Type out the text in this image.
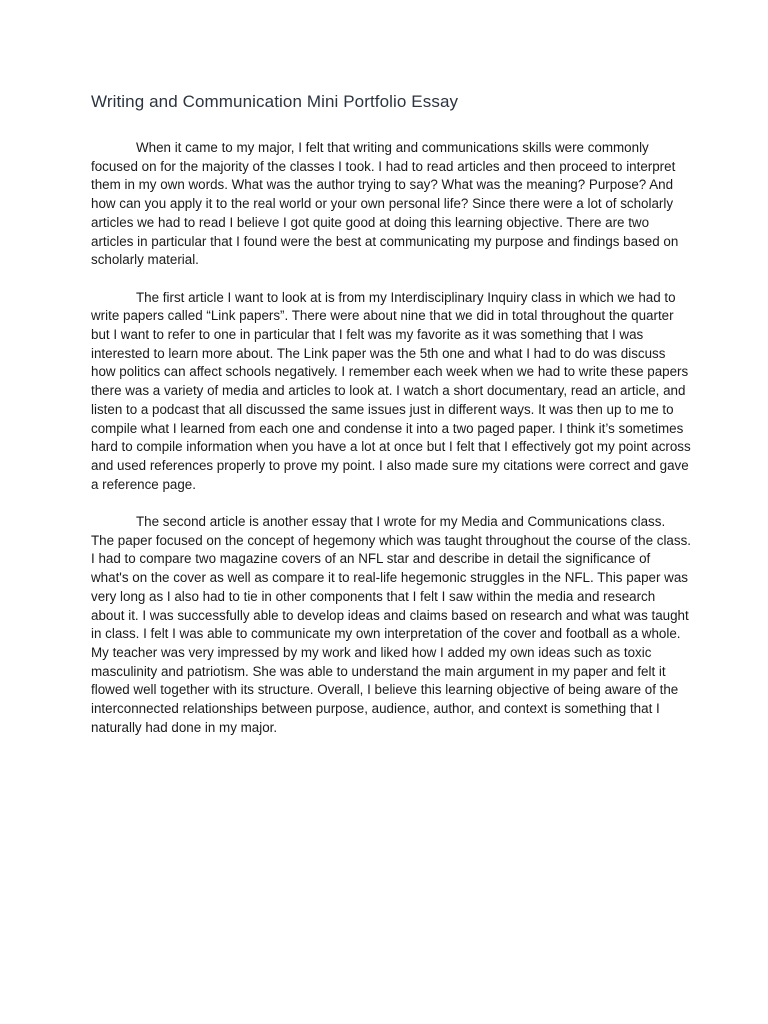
Writing and Communication Mini Portfolio Essay

When it came to my major, I felt that writing and communications skills were commonly focused on for the majority of the classes I took. I had to read articles and then proceed to interpret them in my own words. What was the author trying to say? What was the meaning? Purpose? And how can you apply it to the real world or your own personal life? Since there were a lot of scholarly articles we had to read I believe I got quite good at doing this learning objective. There are two articles in particular that I found were the best at communicating my purpose and findings based on scholarly material.

The first article I want to look at is from my Interdisciplinary Inquiry class in which we had to write papers called “Link papers”. There were about nine that we did in total throughout the quarter but I want to refer to one in particular that I felt was my favorite as it was something that I was interested to learn more about. The Link paper was the 5th one and what I had to do was discuss how politics can affect schools negatively. I remember each week when we had to write these papers there was a variety of media and articles to look at. I watch a short documentary, read an article, and listen to a podcast that all discussed the same issues just in different ways. It was then up to me to compile what I learned from each one and condense it into a two paged paper. I think it’s sometimes hard to compile information when you have a lot at once but I felt that I effectively got my point across and used references properly to prove my point. I also made sure my citations were correct and gave a reference page.

The second article is another essay that I wrote for my Media and Communications class. The paper focused on the concept of hegemony which was taught throughout the course of the class. I had to compare two magazine covers of an NFL star and describe in detail the significance of what's on the cover as well as compare it to real-life hegemonic struggles in the NFL. This paper was very long as I also had to tie in other components that I felt I saw within the media and research about it. I was successfully able to develop ideas and claims based on research and what was taught in class. I felt I was able to communicate my own interpretation of the cover and football as a whole. My teacher was very impressed by my work and liked how I added my own ideas such as toxic masculinity and patriotism. She was able to understand the main argument in my paper and felt it flowed well together with its structure. Overall, I believe this learning objective of being aware of the interconnected relationships between purpose, audience, author, and context is something that I naturally had done in my major.
